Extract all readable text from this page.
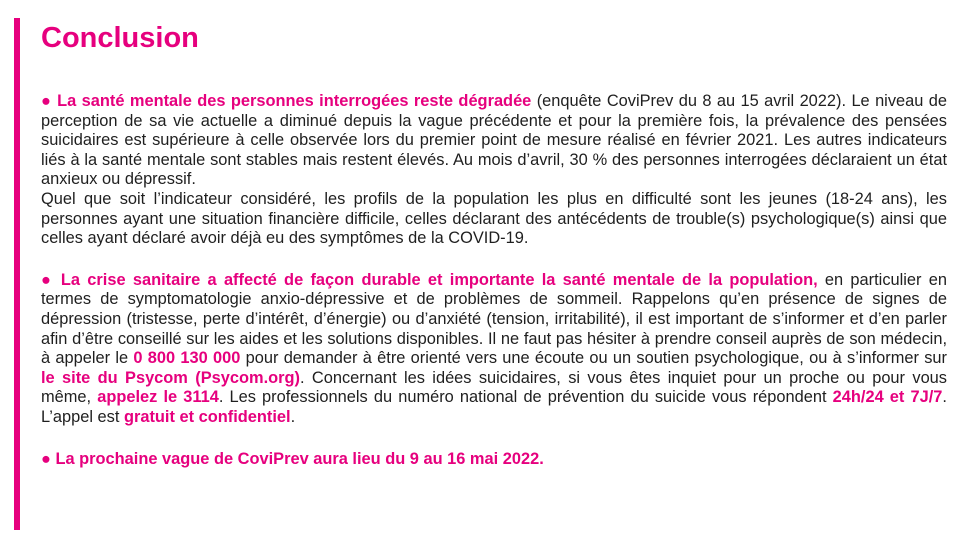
Conclusion

● La santé mentale des personnes interrogées reste dégradée (enquête CoviPrev du 8 au 15 avril 2022). Le niveau de perception de sa vie actuelle a diminué depuis la vague précédente et pour la première fois, la prévalence des pensées suicidaires est supérieure à celle observée lors du premier point de mesure réalisé en février 2021. Les autres indicateurs liés à la santé mentale sont stables mais restent élevés. Au mois d’avril, 30 % des personnes interrogées déclaraient un état anxieux ou dépressif.
Quel que soit l’indicateur considéré, les profils de la population les plus en difficulté sont les jeunes (18-24 ans), les personnes ayant une situation financière difficile, celles déclarant des antécédents de trouble(s) psychologique(s) ainsi que celles ayant déclaré avoir déjà eu des symptômes de la COVID-19.

● La crise sanitaire a affecté de façon durable et importante la santé mentale de la population, en particulier en termes de symptomatologie anxio-dépressive et de problèmes de sommeil. Rappelons qu’en présence de signes de dépression (tristesse, perte d’intérêt, d’énergie) ou d’anxiété (tension, irritabilité), il est important de s’informer et d’en parler afin d’être conseillé sur les aides et les solutions disponibles. Il ne faut pas hésiter à prendre conseil auprès de son médecin, à appeler le 0 800 130 000 pour demander à être orienté vers une écoute ou un soutien psychologique, ou à s’informer sur le site du Psycom (Psycom.org). Concernant les idées suicidaires, si vous êtes inquiet pour un proche ou pour vous même, appelez le 3114. Les professionnels du numéro national de prévention du suicide vous répondent 24h/24 et 7J/7. L’appel est gratuit et confidentiel.

● La prochaine vague de CoviPrev aura lieu du 9 au 16 mai 2022.
